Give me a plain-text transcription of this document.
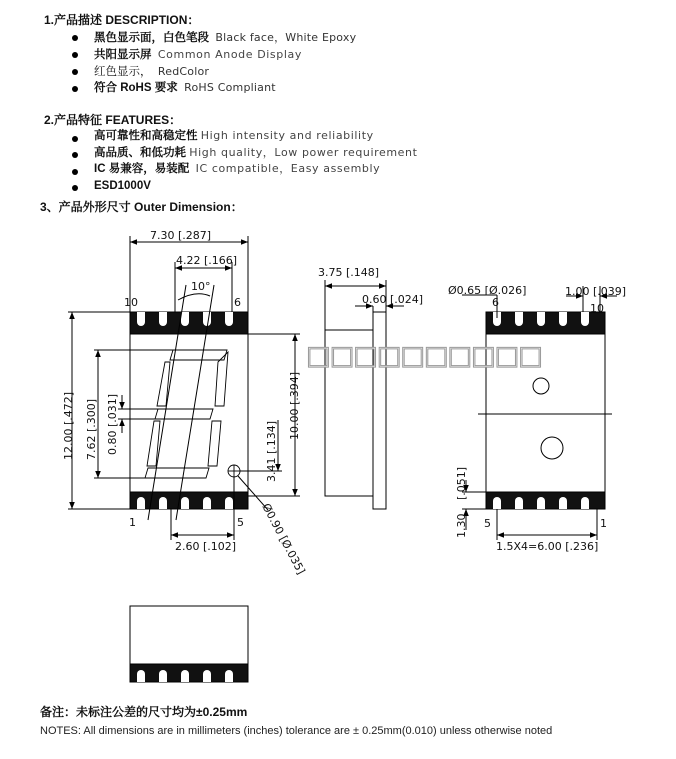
1.产品描述 DESCRIPTION：
黑色显示面，白色笔段 Black face，White Epoxy
共阳显示屏 Common Anode Display
红色显示， RedColor
符合 RoHS 要求 RoHS Compliant
2.产品特征 FEATURES：
高可靠性和高稳定性 High intensity and reliability
高品质、和低功耗 High quality，Low power requirement
IC 易兼容，易装配 IC compatible，Easy assembly
ESD1000V
3、产品外形尺寸 Outer Dimension：
7.30 [.287]
4.22 [.166]
10°
10	6
1	5
12.00 [.472] 7.62 [.300] 0.80 [.031]	3.41 [.134]
10.00 [.394]
2.60 [.102] Ø0.90 [Ø.035]
3.75 [.148]
0.60 [.024]
Ø0.65 [Ø.026]	1.00 [.039]
6	10
5	1
[.051]
1.30
1.5X4=6.00 [.236]
□□□□□□□□□□
备注：未标注公差的尺寸均为±0.25mm
NOTES: All dimensions are in millimeters (inches) tolerance are ± 0.25mm(0.010) unless otherwise noted
